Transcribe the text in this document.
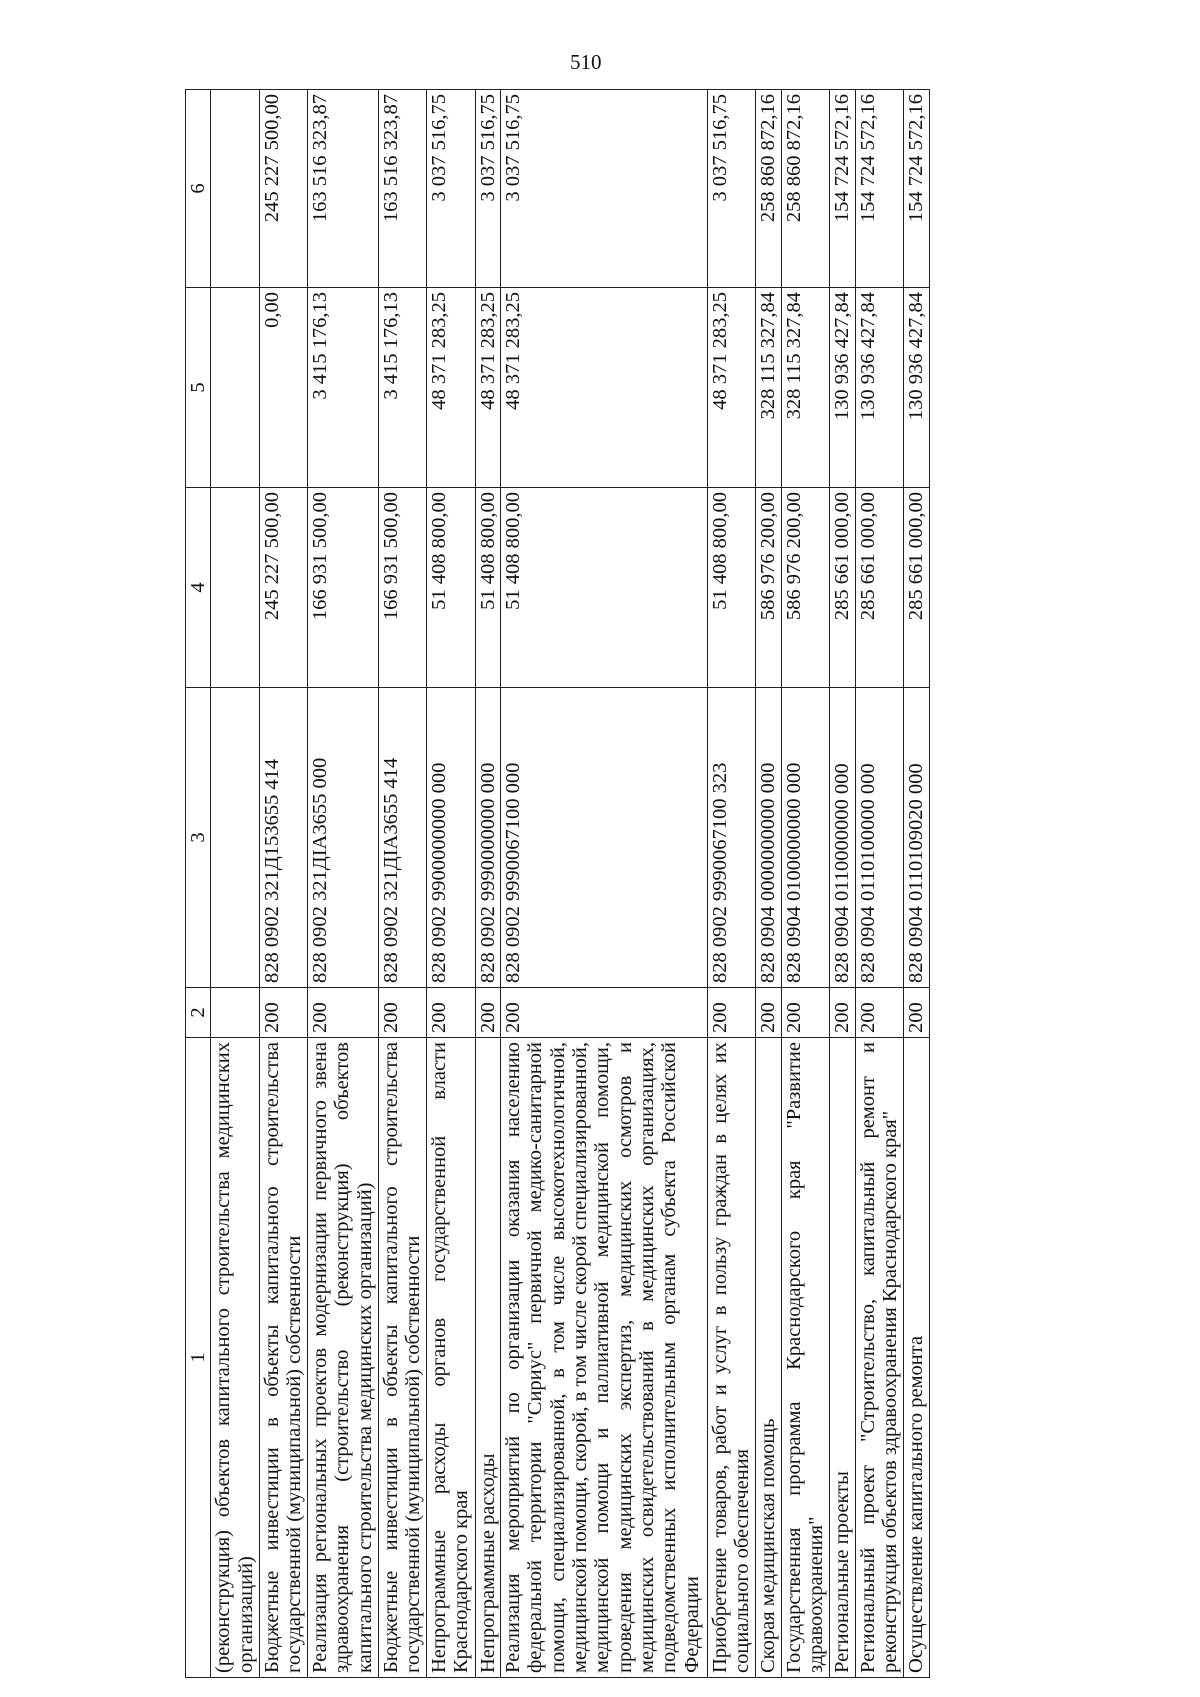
510
1	2	3	4	5	6
(реконструкция) объектов капитального строительства медицинских организаций)					
Бюджетные инвестиции в объекты капитального строительства государственной (муниципальной) собственности	200	828 0902 321Д153655 414	245 227 500,00	0,00	245 227 500,00
Реализация региональных проектов модернизации первичного звена здравоохранения (строительство (реконструкция) объектов капитального строительства медицинских организаций)	200	828 0902 321ДIA3655 000	166 931 500,00	3 415 176,13	163 516 323,87
Бюджетные инвестиции в объекты капитального строительства государственной (муниципальной) собственности	200	828 0902 321ДIA3655 414	166 931 500,00	3 415 176,13	163 516 323,87
Непрограммные расходы органов государственной власти Краснодарского края	200	828 0902 9900000000 000	51 408 800,00	48 371 283,25	3 037 516,75
Непрограммные расходы	200	828 0902 9990000000 000	51 408 800,00	48 371 283,25	3 037 516,75
Реализация мероприятий по организации оказания населению федеральной территории "Сириус" первичной медико-санитарной помощи, специализированной, в том числе высокотехнологичной, медицинской помощи, скорой, в том числе скорой специализированной, медицинской помощи и паллиативной медицинской помощи, проведения медицинских экспертиз, медицинских осмотров и медицинских освидетельствований в медицинских организациях, подведомственных исполнительным органам субъекта Российской Федерации	200	828 0902 9990067100 000	51 408 800,00	48 371 283,25	3 037 516,75
Приобретение товаров, работ и услуг в пользу граждан в целях их социального обеспечения	200	828 0902 9990067100 323	51 408 800,00	48 371 283,25	3 037 516,75
Скорая медицинская помощь	200	828 0904 0000000000 000	586 976 200,00	328 115 327,84	258 860 872,16
Государственная программа Краснодарского края "Развитие здравоохранения"	200	828 0904 0100000000 000	586 976 200,00	328 115 327,84	258 860 872,16
Региональные проекты	200	828 0904 0110000000 000	285 661 000,00	130 936 427,84	154 724 572,16
Региональный проект "Строительство, капитальный ремонт и реконструкция объектов здравоохранения Краснодарского края"	200	828 0904 0110100000 000	285 661 000,00	130 936 427,84	154 724 572,16
Осуществление капитального ремонта	200	828 0904 0110109020 000	285 661 000,00	130 936 427,84	154 724 572,16
